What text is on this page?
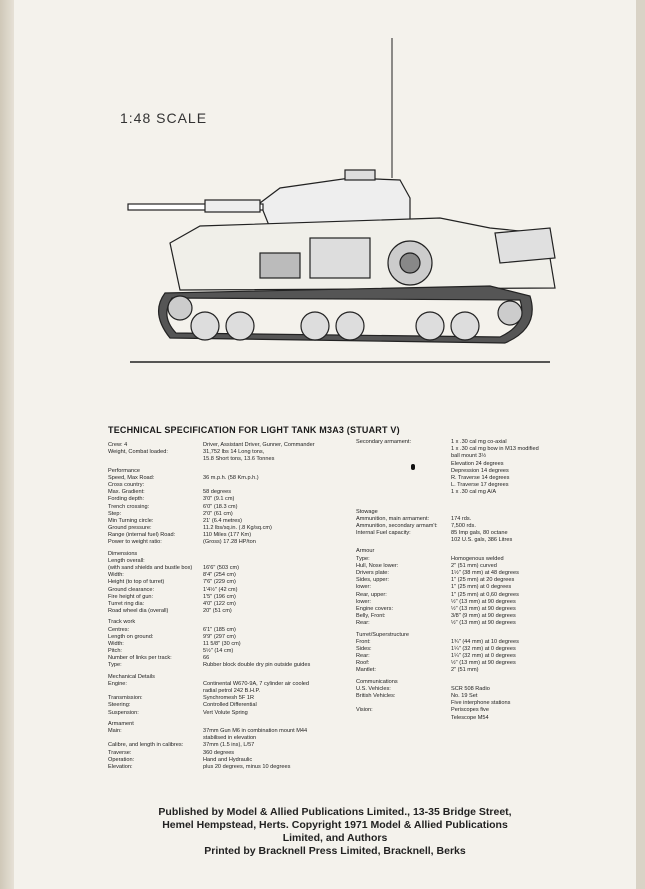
1:48 SCALE
TECHNICAL SPECIFICATION FOR LIGHT TANK M3A3 (STUART V)
Crew: 4	Driver, Assistant Driver, Gunner, Commander
Weight, Combat loaded:	31,752 lbs 14 Long tons,
15.8 Short tons, 13.6 Tonnes
Performance
Speed, Max Road:	36 m.p.h. (58 Km.p.h.)
Cross country:
Max. Gradient:	58 degrees
Fording depth:	3'0" (9.1 cm)
Trench crossing:	6'0" (18.3 cm)
Step:	2'0" (61 cm)
Min Turning circle:	21' (6.4 metres)
Ground pressure:	11.2 lbs/sq.in. (.8 Kg/sq.cm)
Range (internal fuel) Road:	110 Miles (177 Km)
Power to weight ratio:	(Gross) 17.28 HP/ton
Dimensions
Length overall:
(with sand shields and bustle box) 16'6" (503 cm)
Width:	8'4" (254 cm)
Height (to top of turret)	7'6" (229 cm)
Ground clearance:	1'4½" (42 cm)
Fire height of gun:	1'5" (196 cm)
Turret ring dia:	4'0" (122 cm)
Road wheel dia (overall)	20" (51 cm)
Track work
Centres:	6'1" (185 cm)
Length on ground:	9'9" (297 cm)
Width:	11 5/8" (30 cm)
Pitch:	5½" (14 cm)
Number of links per track:	66
Type:	Rubber block double dry pin outside guides
Mechanical Details
Engine:	Continental W670-9A, 7 cylinder air cooled
radial petrol 242 B.H.P.
Transmission:	Synchromesh 5F 1R
Steering:	Controlled Differential
Suspension:	Vert Volute Spring
Armament
Main:	37mm Gun M6 in combination mount M44
stabilised in elevation
Calibre, and length in calibres:	37mm (1.5 ins), L/57
Traverse:	360 degrees
Operation:	Hand and Hydraulic
Elevation:	plus 20 degrees, minus 10 degrees
Secondary armament:	1 x .30 cal mg co-axial
1 x .30 cal mg bow in M13 modified
ball mount 3½
Elevation 24 degrees
Depression 14 degrees
R. Traverse 14 degrees
L. Traverse 17 degrees
1 x .30 cal mg A/A
Stowage
Ammunition, main armament:	174 rds.
Ammunition, secondary armam't: 7,500 rds.
Internal Fuel capacity:	85 Imp gals, 80 octane
102 U.S. gals, 386 Litres
Armour
Type:	Homogenous welded
Hull, Nose lower:	2" (51 mm) curved
Drivers plate:	1½" (38 mm) at 48 degrees
Sides, upper:	1" (25 mm) at 20 degrees
lower:	1" (25 mm) at 0 degrees
Rear, upper:	1" (25 mm) at 0,60 degrees
lower:	½" (13 mm) at 90 degrees
Engine covers:	½" (13 mm) at 90 degrees
Belly, Front:	3/8" (9 mm) at 90 degrees
Rear:	½" (13 mm) at 90 degrees
Turret/Superstructure
Front:	1¾" (44 mm) at 10 degrees
Sides:	1¼" (32 mm) at 0 degrees
Rear:	1¼" (32 mm) at 0 degrees
Roof:	½" (13 mm) at 90 degrees
Mantlet:	2" (51 mm)
Communications
U.S. Vehicles:	SCR 508 Radio
British Vehicles:	No. 19 Set
Five interphone stations
Vision:	Periscopes five
Telescope M54
Published by Model & Allied Publications Limited., 13-35 Bridge Street,
Hemel Hempstead, Herts. Copyright 1971 Model & Allied Publications
Limited, and Authors
Printed by Bracknell Press Limited, Bracknell, Berks
